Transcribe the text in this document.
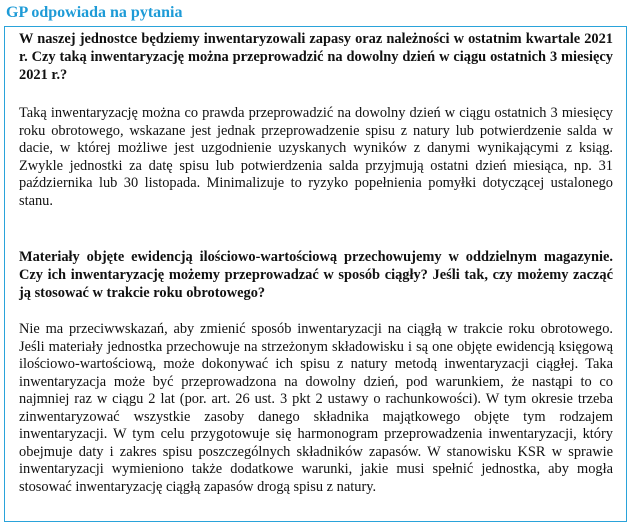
GP odpowiada na pytania

W naszej jednostce będziemy inwentaryzowali zapasy oraz należności w ostatnim kwartale 2021 r. Czy taką inwentaryzację można przeprowadzić na dowolny dzień w ciągu ostatnich 3 miesięcy 2021 r.?

Taką inwentaryzację można co prawda przeprowadzić na dowolny dzień w ciągu ostatnich 3 miesięcy roku obrotowego, wskazane jest jednak przeprowadzenie spisu z natury lub potwierdzenie salda w dacie, w której możliwe jest uzgodnienie uzyskanych wyników z danymi wynikającymi z ksiąg. Zwykle jednostki za datę spisu lub potwierdzenia salda przyjmują ostatni dzień miesiąca, np. 31 października lub 30 listopada. Minimalizuje to ryzyko popełnienia pomyłki dotyczącej ustalonego stanu.

Materiały objęte ewidencją ilościowo-wartościową przechowujemy w oddzielnym magazynie. Czy ich inwentaryzację możemy przeprowadzać w sposób ciągły? Jeśli tak, czy możemy zacząć ją stosować w trakcie roku obrotowego?

Nie ma przeciwwskazań, aby zmienić sposób inwentaryzacji na ciągłą w trakcie roku obrotowego. Jeśli materiały jednostka przechowuje na strzeżonym składowisku i są one objęte ewidencją księgową ilościowo-wartościową, może dokonywać ich spisu z natury metodą inwentaryzacji ciągłej. Taka inwentaryzacja może być przeprowadzona na dowolny dzień, pod warunkiem, że nastąpi to co najmniej raz w ciągu 2 lat (por. art. 26 ust. 3 pkt 2 ustawy o rachunkowości). W tym okresie trzeba zinwentaryzować wszystkie zasoby danego składnika majątkowego objęte tym rodzajem inwentaryzacji. W tym celu przygotowuje się harmonogram przeprowadzenia inwentaryzacji, który obejmuje daty i zakres spisu poszczególnych składników zapasów. W stanowisku KSR w sprawie inwentaryzacji wymieniono także dodatkowe warunki, jakie musi spełnić jednostka, aby mogła stosować inwentaryzację ciągłą zapasów drogą spisu z natury.
